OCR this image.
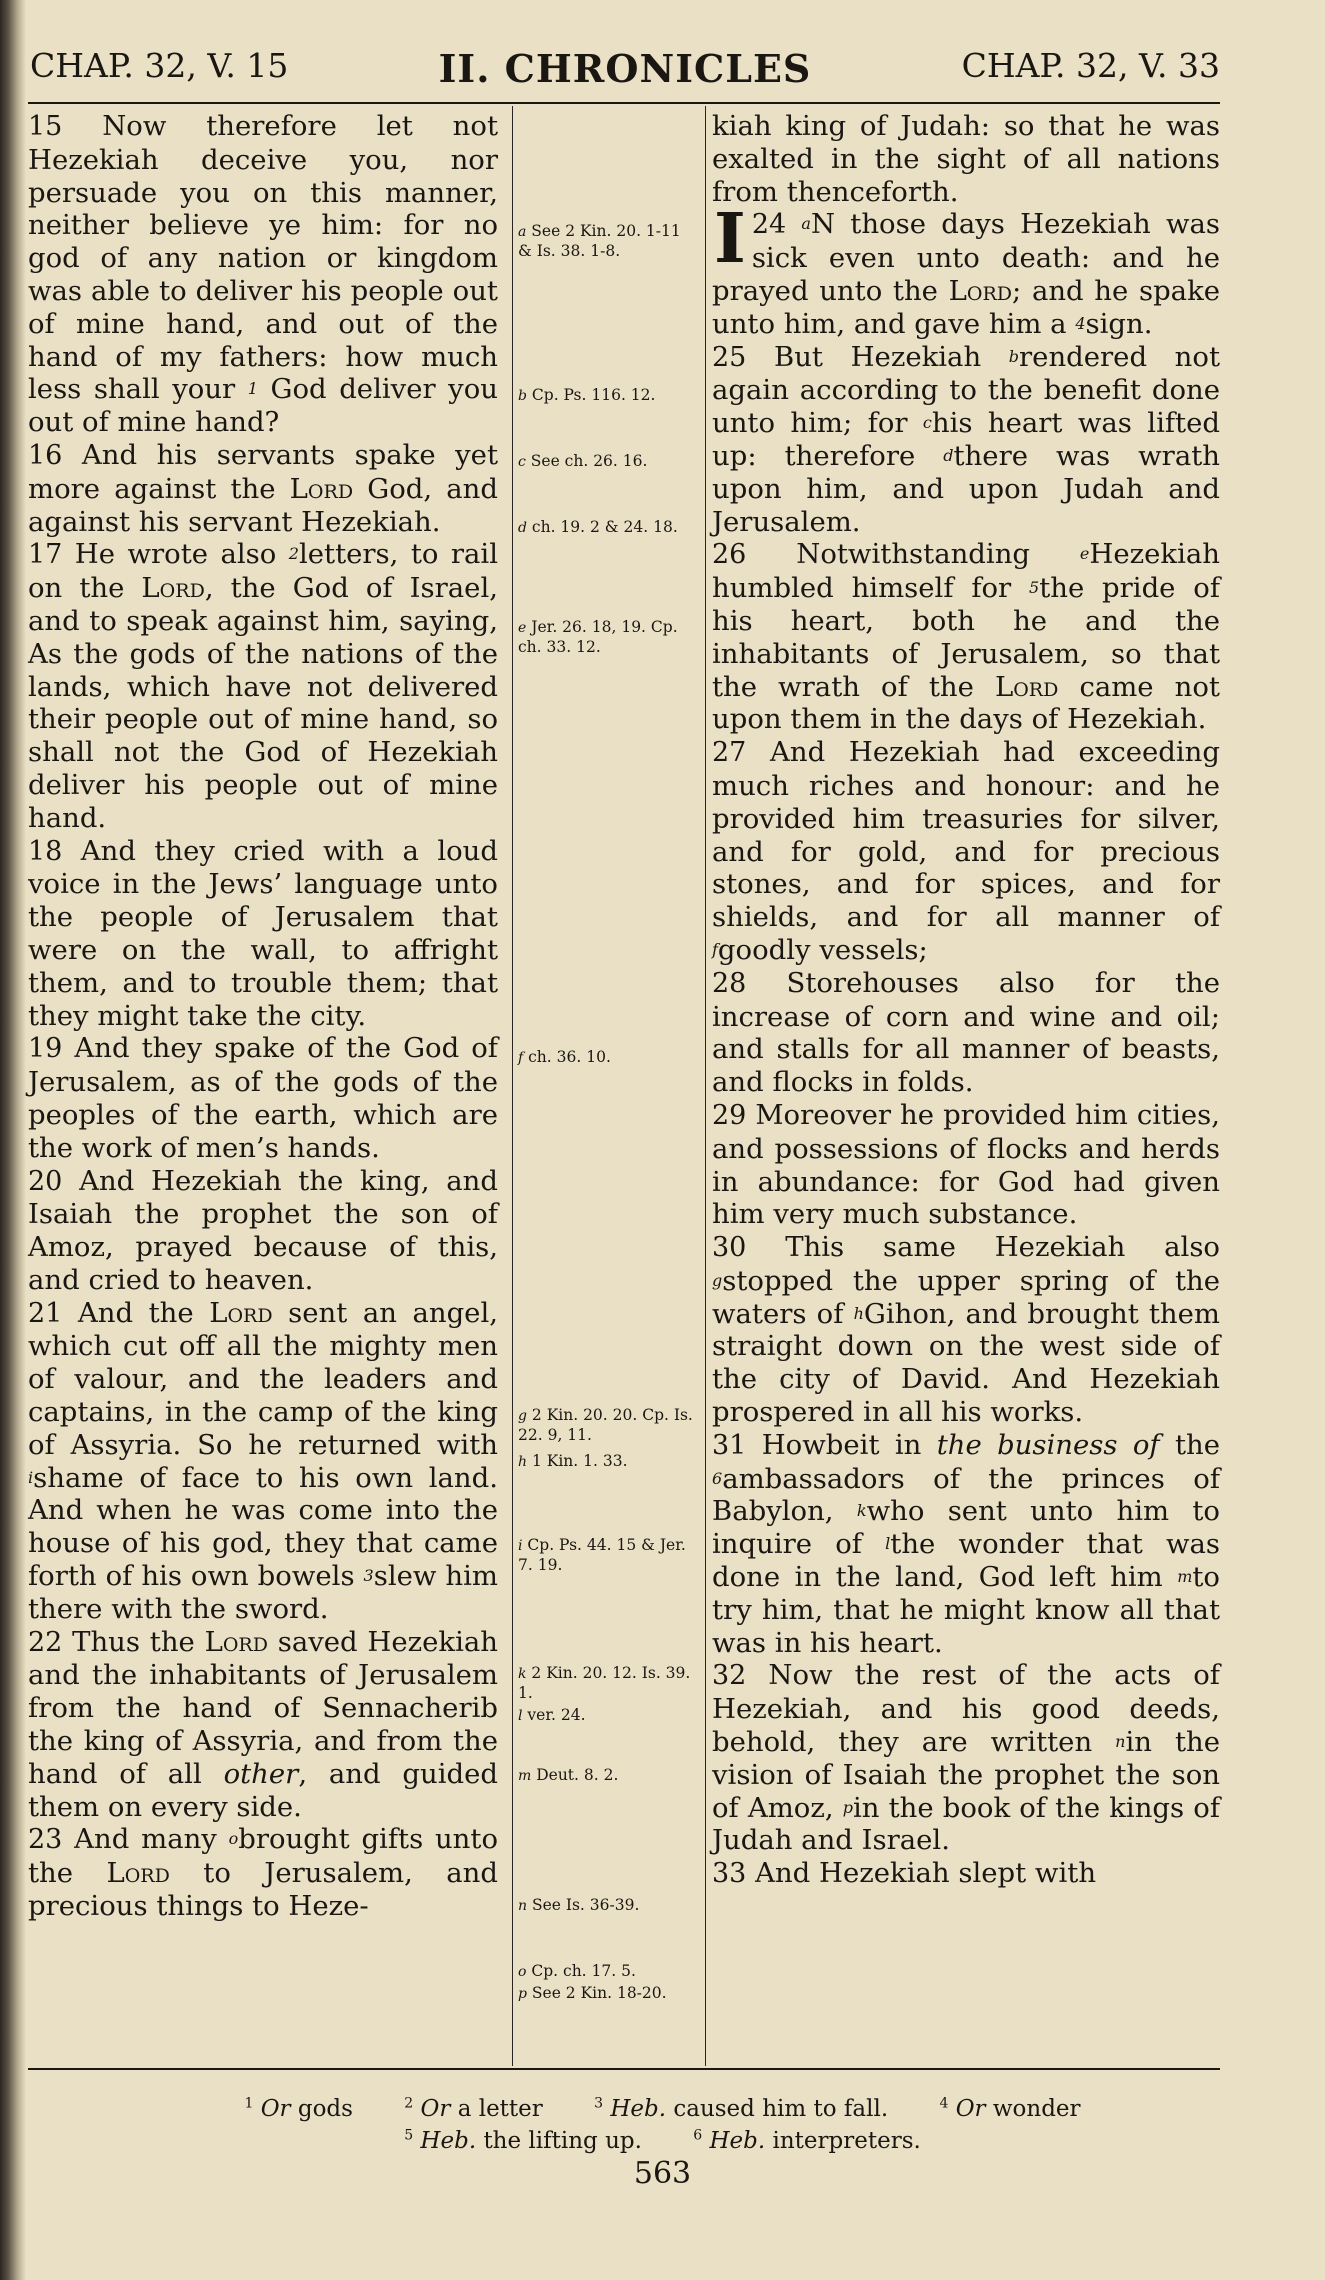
CHAP. 32, V. 15	II. CHRONICLES	CHAP. 32, V. 33

15 Now therefore let not Hezekiah deceive you, nor persuade you on this manner, neither believe ye him: for no god of any nation or kingdom was able to deliver his people out of mine hand, and out of the hand of my fathers: how much less shall your $^1$ God deliver you out of mine hand?

16 And his servants spake yet more against the Lord God, and against his servant Hezekiah.

17 He wrote also $^2$letters, to rail on the Lord, the God of Israel, and to speak against him, saying, As the gods of the nations of the lands, which have not delivered their people out of mine hand, so shall not the God of Hezekiah deliver his people out of mine hand.

18 And they cried with a loud voice in the Jews’ language unto the people of Jerusalem that were on the wall, to affright them, and to trouble them; that they might take the city.

19 And they spake of the God of Jerusalem, as of the gods of the peoples of the earth, which are the work of men’s hands.

20 And Hezekiah the king, and Isaiah the prophet the son of Amoz, prayed because of this, and cried to heaven.

21 And the Lord sent an angel, which cut off all the mighty men of valour, and the leaders and captains, in the camp of the king of Assyria. So he returned with $^i$shame of face to his own land. And when he was come into the house of his god, they that came forth of his own bowels $^3$slew him there with the sword.

22 Thus the Lord saved Hezekiah and the inhabitants of Jerusalem from the hand of Sennacherib the king of Assyria, and from the hand of all other, and guided them on every side.

23 And many $^o$brought gifts unto the Lord to Jerusalem, and precious things to Heze-

a See 2 Kin. 20. 1-11 & Is. 38. 1-8.
b Cp. Ps. 116. 12.
c See ch. 26. 16.
d ch. 19. 2 & 24. 18.
e Jer. 26. 18, 19. Cp. ch. 33. 12.
f ch. 36. 10.
g 2 Kin. 20. 20. Cp. Is. 22. 9, 11.
h 1 Kin. 1. 33.
i Cp. Ps. 44. 15 & Jer. 7. 19.
k 2 Kin. 20. 12. Is. 39. 1.
l ver. 24.
m Deut. 8. 2.
n See Is. 36-39.
o Cp. ch. 17. 5.
p See 2 Kin. 18-20.

kiah king of Judah: so that he was exalted in the sight of all nations from thenceforth.

24 $^a$
I N those days Hezekiah was sick even unto death: and he prayed unto the Lord; and he spake unto him, and gave him a $^4$sign.

25 But Hezekiah $^b$rendered not again according to the benefit done unto him; for $^c$his heart was lifted up: therefore $^d$there was wrath upon him, and upon Judah and Jerusalem.

26 Notwithstanding	$^e$Hezekiah humbled himself for $^5$the pride of his heart, both he and the inhabitants of Jerusalem, so that the wrath of the Lord came not upon them in the days of Hezekiah.

27 And Hezekiah had exceeding much riches and honour: and he provided him treasuries for silver, and for gold, and for precious stones, and for spices, and for shields, and for all manner of $^f$goodly vessels;

28 Storehouses also for the increase of corn and wine and oil; and stalls for all manner of beasts, and flocks in folds.

29 Moreover he provided him cities, and possessions of flocks and herds in abundance: for God had given him very much substance.

30 This same Hezekiah also $^g$stopped the upper spring of the waters of $^h$Gihon, and brought them straight down on the west side of the city of David. And Hezekiah prospered in all his works.

31 Howbeit in the business of the $^6$ambassadors of the princes of Babylon, $^k$who sent unto him to inquire of $^l$the wonder that was done in the land, God left him $^m$to try him, that he might know all that was in his heart.

32 Now the rest of the acts of Hezekiah, and his good deeds, behold, they are written $^n$in the vision of Isaiah the prophet the son of Amoz, $^p$in the book of the kings of Judah and Israel.

33 And Hezekiah slept with

$^1$ Or gods	$^2$ Or a letter	$^3$ Heb. caused him to fall.	$^4$ Or wonder
$^5$ Heb. the lifting up.	$^6$ Heb. interpreters.
563
